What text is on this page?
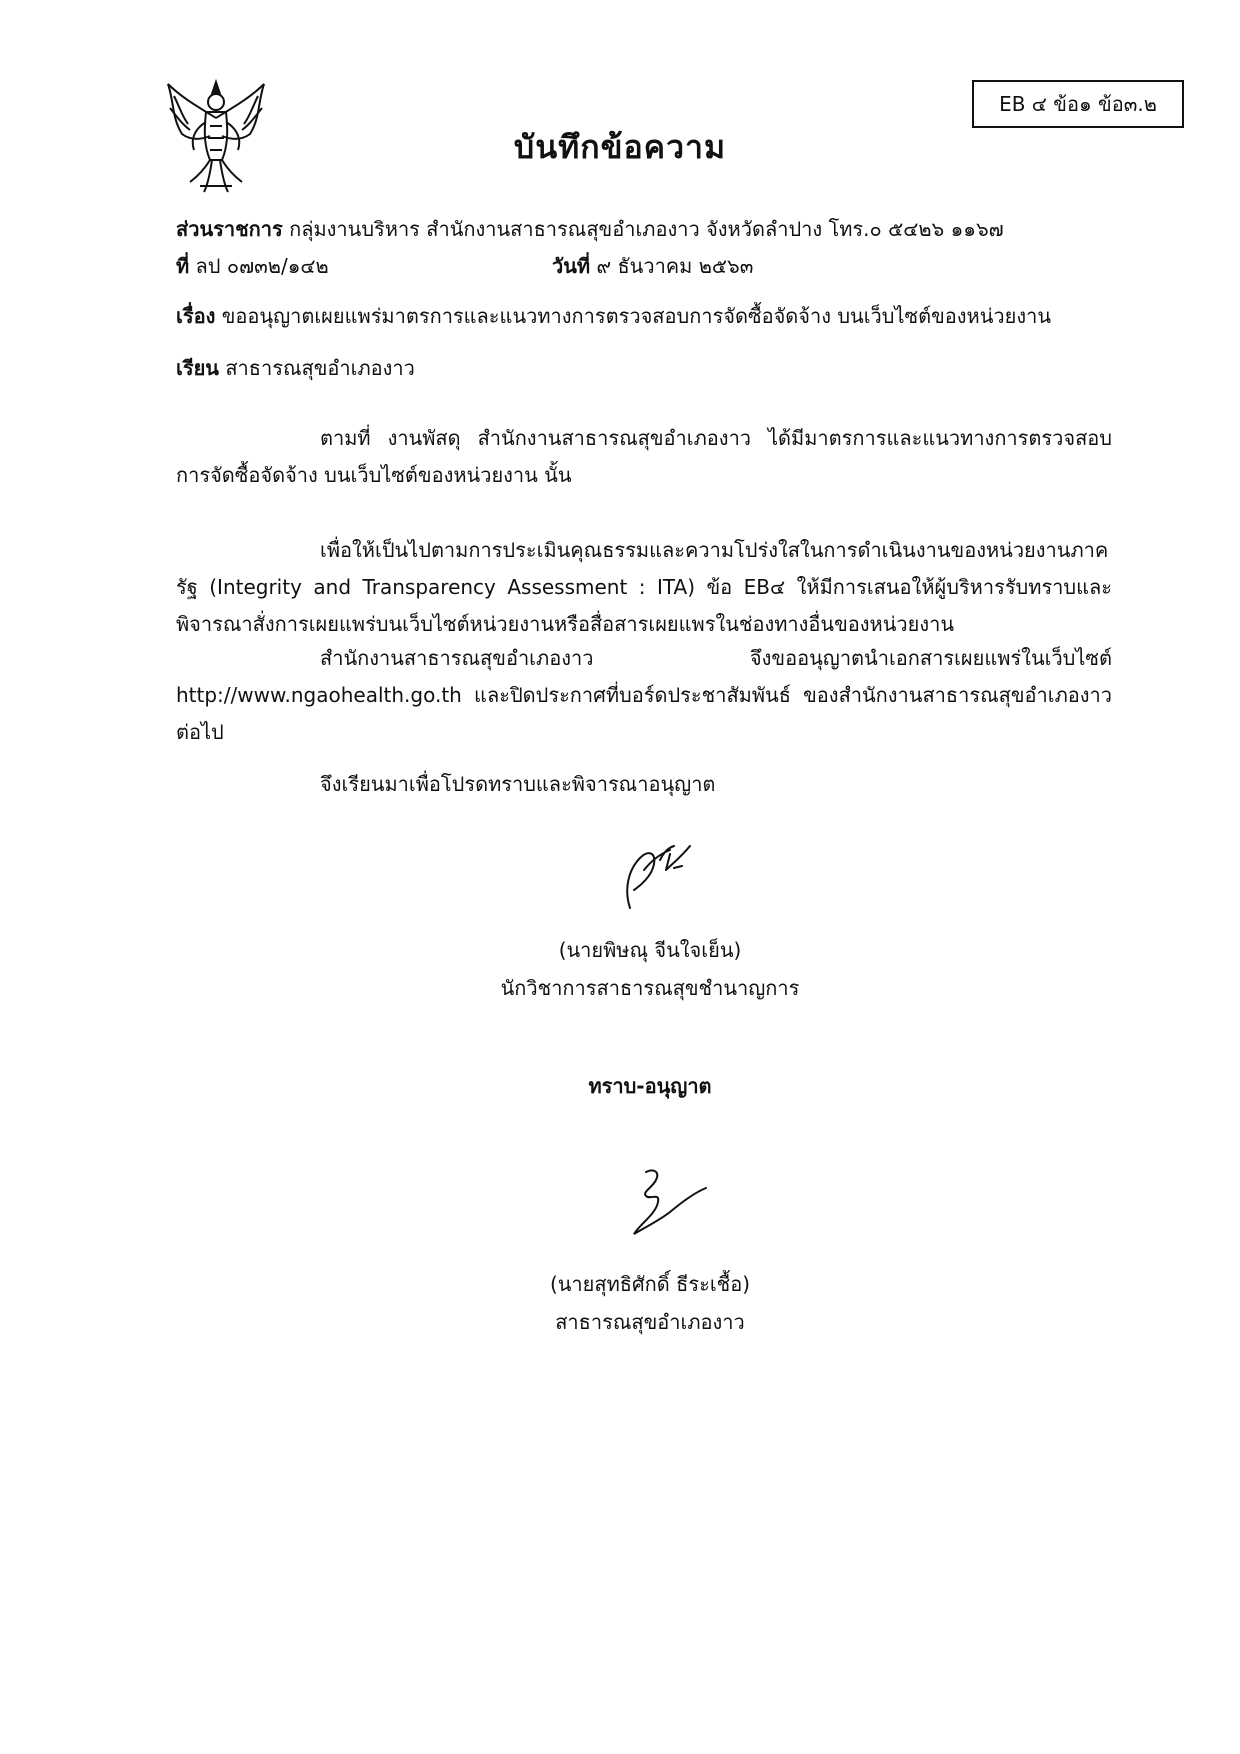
EB ๔ ข้อ๑ ข้อ๓.๒
บันทึกข้อความ
ส่วนราชการ กลุ่มงานบริหาร สำนักงานสาธารณสุขอำเภองาว จังหวัดลำปาง โทร.๐ ๕๔๒๖ ๑๑๖๗
ที่ ลป ๐๗๓๒/๑๔๒	วันที่ ๙ ธันวาคม ๒๕๖๓
เรื่อง ขออนุญาตเผยแพร่มาตรการและแนวทางการตรวจสอบการจัดซื้อจัดจ้าง บนเว็บไซต์ของหน่วยงาน
เรียน สาธารณสุขอำเภองาว
ตามที่ งานพัสดุ สำนักงานสาธารณสุขอำเภองาว ได้มีมาตรการและแนวทางการตรวจสอบการจัดซื้อจัดจ้าง บนเว็บไซต์ของหน่วยงาน นั้น
เพื่อให้เป็นไปตามการประเมินคุณธรรมและความโปร่งใสในการดำเนินงานของหน่วยงานภาครัฐ (Integrity and Transparency Assessment : ITA) ข้อ EB๔ ให้มีการเสนอให้ผู้บริหารรับทราบและพิจารณาสั่งการเผยแพร่บนเว็บไซต์หน่วยงานหรือสื่อสารเผยแพรในช่องทางอื่นของหน่วยงาน
สำนักงานสาธารณสุขอำเภองาว จึงขออนุญาตนำเอกสารเผยแพร่ในเว็บไซต์ http://www.ngaohealth.go.th และปิดประกาศที่บอร์ดประชาสัมพันธ์ ของสำนักงานสาธารณสุขอำเภองาว ต่อไป
จึงเรียนมาเพื่อโปรดทราบและพิจารณาอนุญาต
(นายพิษณุ จีนใจเย็น)
นักวิชาการสาธารณสุขชำนาญการ
ทราบ-อนุญาต
(นายสุทธิศักดิ์ ธีระเชื้อ)
สาธารณสุขอำเภองาว
